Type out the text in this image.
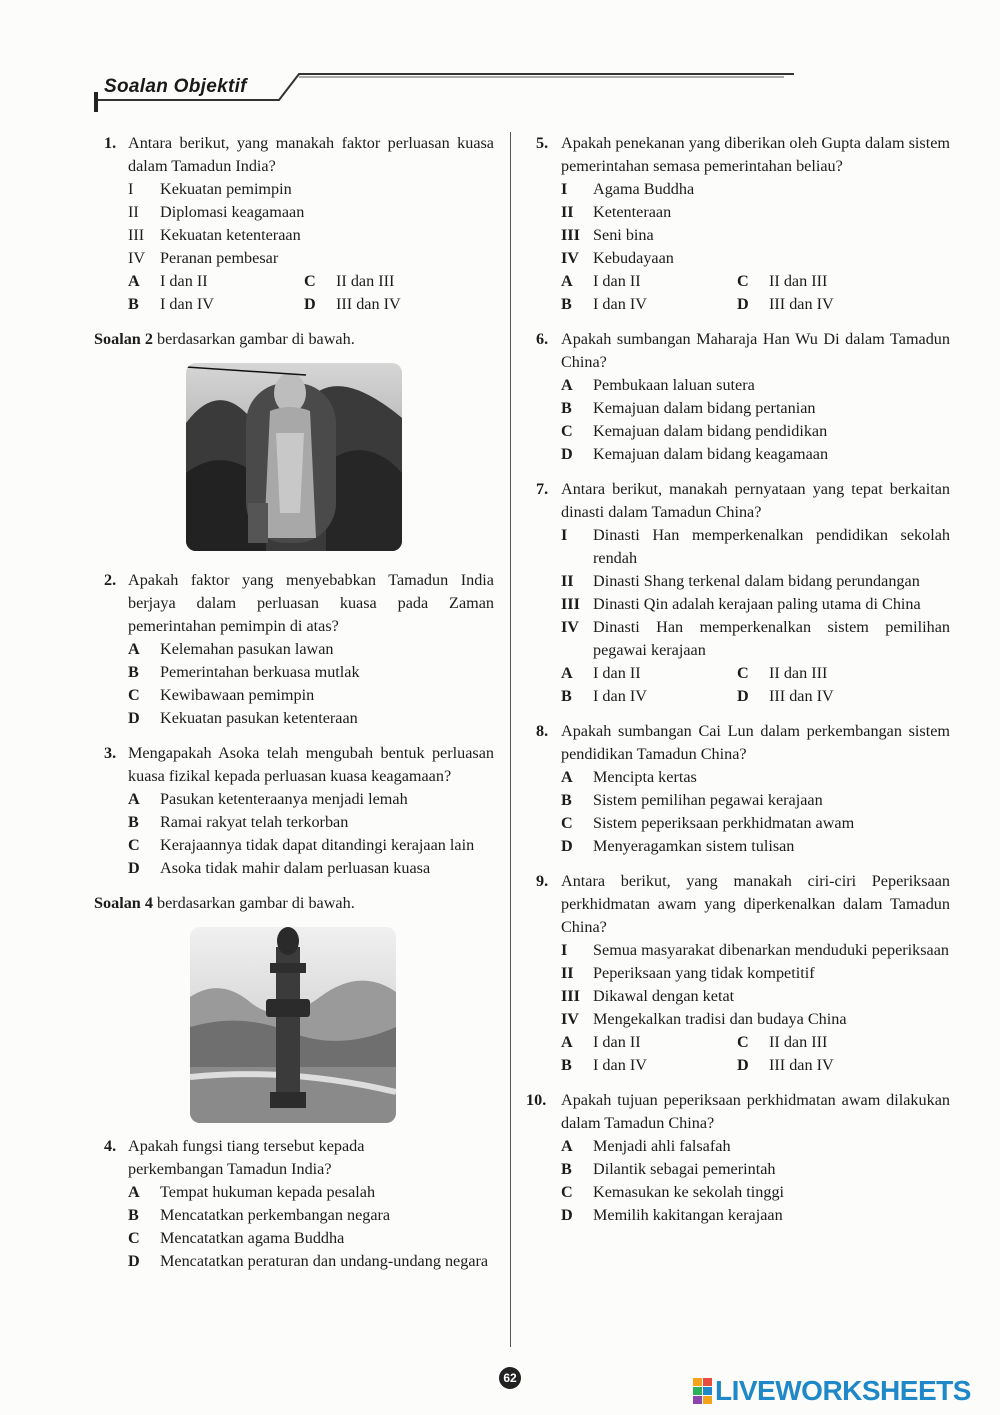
Soalan Objektif
1. Antara berikut, yang manakah faktor perluasan kuasa dalam Tamadun India?
I	Kekuatan pemimpin
II	Diplomasi keagamaan
III Kekuatan ketenteraan
IV Peranan pembesar
A	I dan II	C	II dan III
B	I dan IV	D	III dan IV
Soalan 2 berdasarkan gambar di bawah.
2. Apakah faktor yang menyebabkan Tamadun India berjaya dalam perluasan kuasa pada Zaman pemerintahan pemimpin di atas?
A	Kelemahan pasukan lawan
B	Pemerintahan berkuasa mutlak
C	Kewibawaan pemimpin
D	Kekuatan pasukan ketenteraan
3. Mengapakah Asoka telah mengubah bentuk perluasan kuasa fizikal kepada perluasan kuasa keagamaan?
A	Pasukan ketenteraanya menjadi lemah
B	Ramai rakyat telah terkorban
C	Kerajaannya tidak dapat ditandingi kerajaan lain
D	Asoka tidak mahir dalam perluasan kuasa
Soalan 4 berdasarkan gambar di bawah.
4. Apakah fungsi tiang tersebut kepada perkembangan Tamadun India?
A	Tempat hukuman kepada pesalah
B	Mencatatkan perkembangan negara
C	Mencatatkan agama Buddha
D	Mencatatkan peraturan dan undang-undang negara
5. Apakah penekanan yang diberikan oleh Gupta dalam sistem pemerintahan semasa pemerintahan beliau?
I	Agama Buddha
II	Ketenteraan
III Seni bina
IV Kebudayaan
A	I dan II	C	II dan III
B	I dan IV	D	III dan IV
6. Apakah sumbangan Maharaja Han Wu Di dalam Tamadun China?
A	Pembukaan laluan sutera
B	Kemajuan dalam bidang pertanian
C	Kemajuan dalam bidang pendidikan
D	Kemajuan dalam bidang keagamaan
7. Antara berikut, manakah pernyataan yang tepat berkaitan dinasti dalam Tamadun China?
I	Dinasti Han memperkenalkan pendidikan sekolah rendah
II	Dinasti Shang terkenal dalam bidang perundangan
III Dinasti Qin adalah kerajaan paling utama di China
IV Dinasti Han memperkenalkan sistem pemilihan pegawai kerajaan
A	I dan II	C	II dan III
B	I dan IV	D	III dan IV
8. Apakah sumbangan Cai Lun dalam perkembangan sistem pendidikan Tamadun China?
A	Mencipta kertas
B	Sistem pemilihan pegawai kerajaan
C	Sistem peperiksaan perkhidmatan awam
D	Menyeragamkan sistem tulisan
9. Antara berikut, yang manakah ciri-ciri Peperiksaan perkhidmatan awam yang diperkenalkan dalam Tamadun China?
I	Semua masyarakat dibenarkan menduduki peperiksaan
II	Peperiksaan yang tidak kompetitif
III Dikawal dengan ketat
IV Mengekalkan tradisi dan budaya China
A	I dan II	C	II dan III
B	I dan IV	D	III dan IV
10. Apakah tujuan peperiksaan perkhidmatan awam dilakukan dalam Tamadun China?
A	Menjadi ahli falsafah
B	Dilantik sebagai pemerintah
C	Kemasukan ke sekolah tinggi
D	Memilih kakitangan kerajaan
62	LIVEWORKSHEETS
